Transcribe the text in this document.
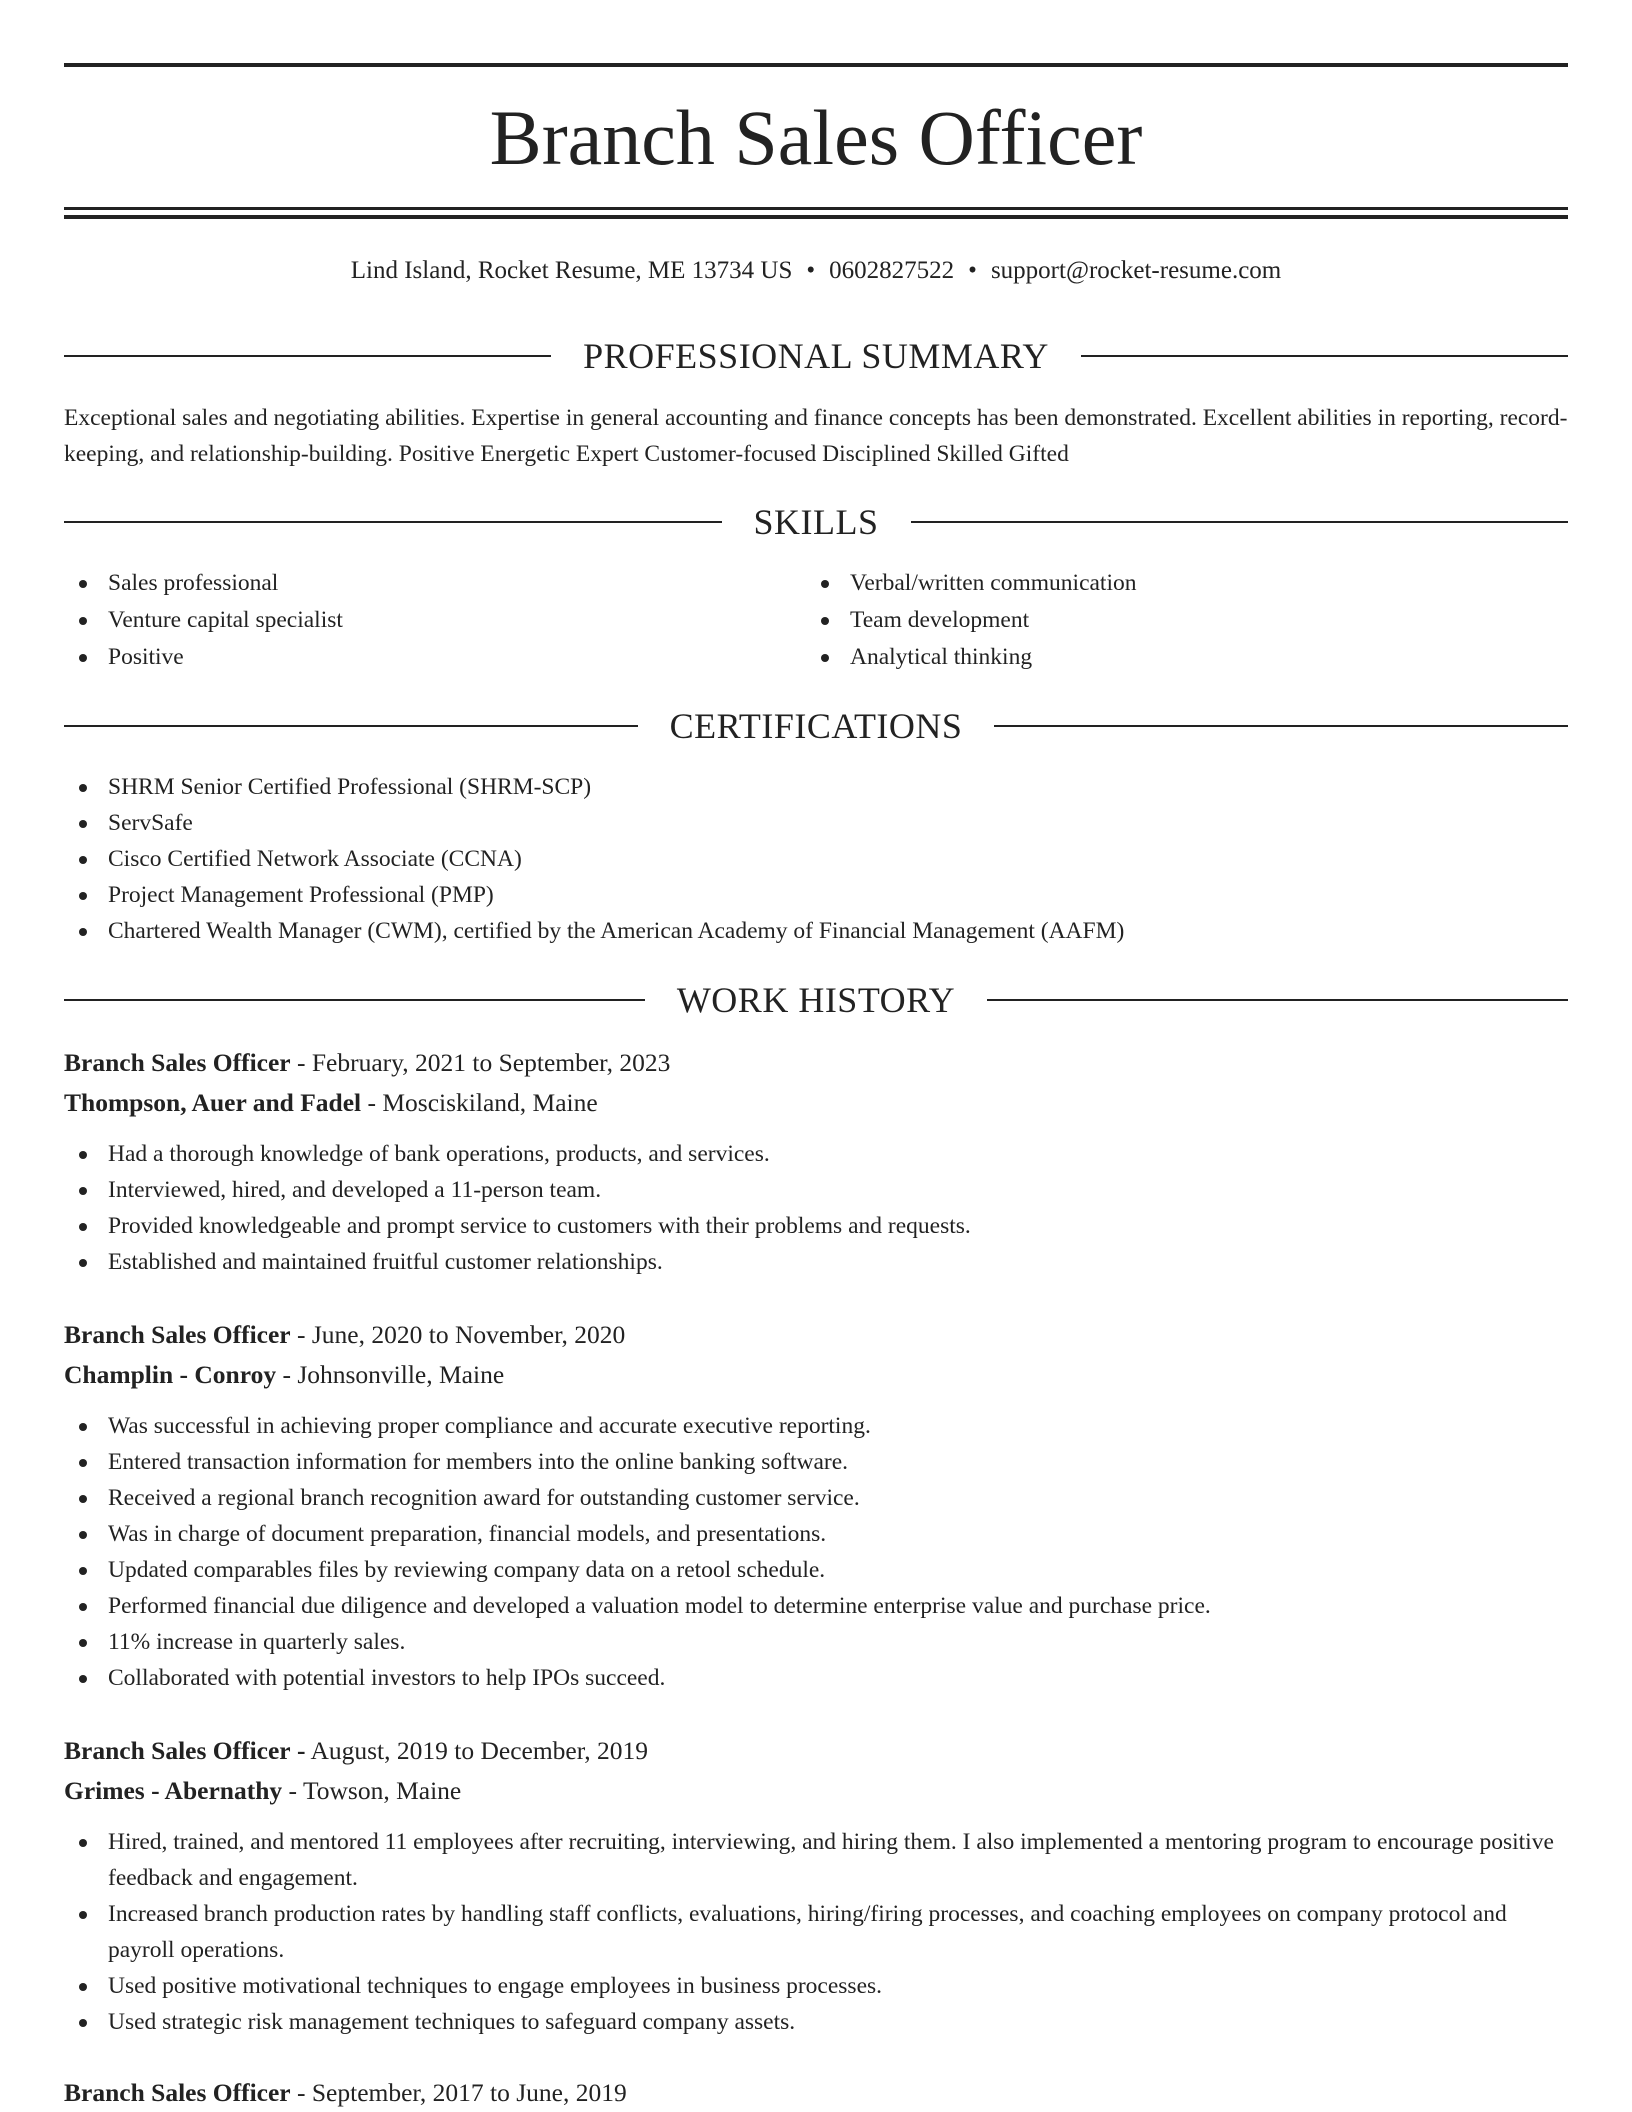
Branch Sales Officer
Lind Island, Rocket Resume, ME 13734 US • 0602827522 • support@rocket-resume.com
PROFESSIONAL SUMMARY

Exceptional sales and negotiating abilities. Expertise in general accounting and finance concepts has been demonstrated. Excellent abilities in reporting, record-keeping, and relationship-building. Positive Energetic Expert Customer-focused Disciplined Skilled Gifted

SKILLS
Sales professional
Venture capital specialist
Positive
Verbal/written communication
Team development
Analytical thinking
CERTIFICATIONS
SHRM Senior Certified Professional (SHRM-SCP)
ServSafe
Cisco Certified Network Associate (CCNA)
Project Management Professional (PMP)
Chartered Wealth Manager (CWM), certified by the American Academy of Financial Management (AAFM)
WORK HISTORY
Branch Sales Officer - February, 2021 to September, 2023
Thompson, Auer and Fadel - Mosciskiland, Maine
Had a thorough knowledge of bank operations, products, and services.
Interviewed, hired, and developed a 11-person team.
Provided knowledgeable and prompt service to customers with their problems and requests.
Established and maintained fruitful customer relationships.
Branch Sales Officer - June, 2020 to November, 2020
Champlin - Conroy - Johnsonville, Maine
Was successful in achieving proper compliance and accurate executive reporting.
Entered transaction information for members into the online banking software.
Received a regional branch recognition award for outstanding customer service.
Was in charge of document preparation, financial models, and presentations.
Updated comparables files by reviewing company data on a retool schedule.
Performed financial due diligence and developed a valuation model to determine enterprise value and purchase price.
11% increase in quarterly sales.
Collaborated with potential investors to help IPOs succeed.
Branch Sales Officer - August, 2019 to December, 2019
Grimes - Abernathy - Towson, Maine
Hired, trained, and mentored 11 employees after recruiting, interviewing, and hiring them. I also implemented a mentoring program to encourage positive feedback and engagement.
Increased branch production rates by handling staff conflicts, evaluations, hiring/firing processes, and coaching employees on company protocol and payroll operations.
Used positive motivational techniques to engage employees in business processes.
Used strategic risk management techniques to safeguard company assets.
Branch Sales Officer - September, 2017 to June, 2019
